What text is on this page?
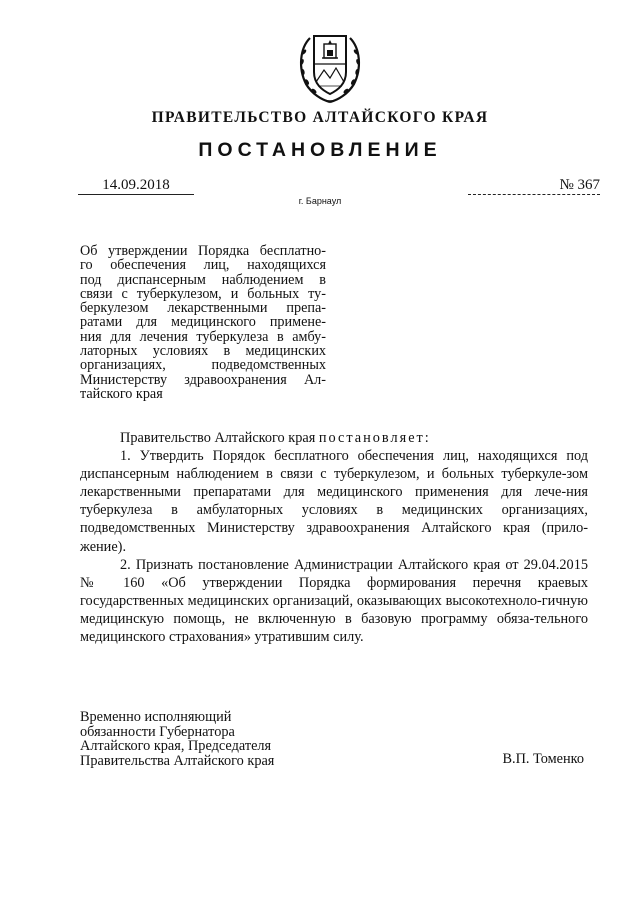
ПРАВИТЕЛЬСТВО АЛТАЙСКОГО КРАЯ
ПОСТАНОВЛЕНИЕ
14.09.2018
г. Барнаул
№ 367
Об утверждении Порядка бесплатно-
го обеспечения лиц, находящихся
под диспансерным наблюдением в
связи с туберкулезом, и больных ту-
беркулезом лекарственными препа-
ратами для медицинского примене-
ния для лечения туберкулеза в амбу-
латорных условиях в медицинских
организациях, подведомственных
Министерству здравоохранения Ал-
тайского края

Правительство Алтайского края постановляет:

1. Утвердить Порядок бесплатного обеспечения лиц, находящихся под диспансерным наблюдением в связи с туберкулезом, и больных туберкуле-зом лекарственными препаратами для медицинского применения для лече-ния туберкулеза в амбулаторных условиях в медицинских организациях, подведомственных Министерству здравоохранения Алтайского края (прило-жение).

2. Признать постановление Администрации Алтайского края от 29.04.2015 № 160 «Об утверждении Порядка формирования перечня краевых государственных медицинских организаций, оказывающих высокотехноло-гичную медицинскую помощь, не включенную в базовую программу обяза-тельного медицинского страхования» утратившим силу.

Временно исполняющий
обязанности Губернатора
Алтайского края, Председателя
Правительства Алтайского края	В.П. Томенко
